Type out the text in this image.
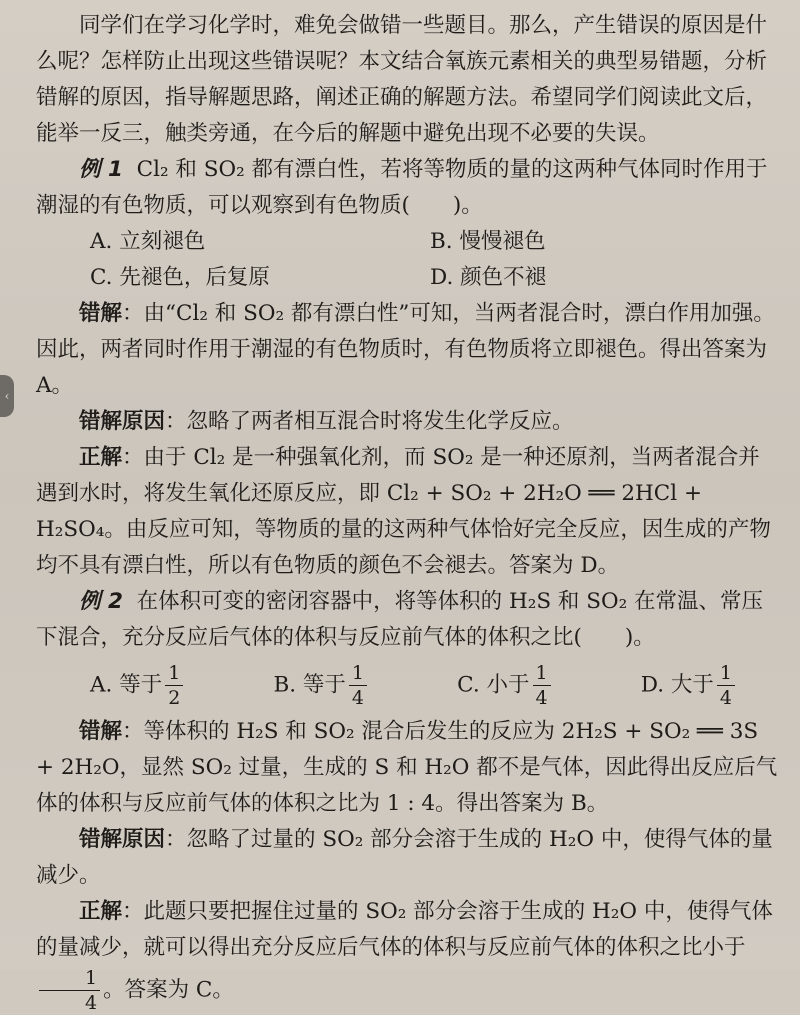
‹

同学们在学习化学时，难免会做错一些题目。那么，产生错误的原因是什么呢？怎样防止出现这些错误呢？本文结合氧族元素相关的典型易错题，分析错解的原因，指导解题思路，阐述正确的解题方法。希望同学们阅读此文后，能举一反三，触类旁通，在今后的解题中避免出现不必要的失误。

例 1 Cl₂ 和 SO₂ 都有漂白性，若将等物质的量的这两种气体同时作用于潮湿的有色物质，可以观察到有色物质(　　)。

A. 立刻褪色	B. 慢慢褪色
C. 先褪色，后复原	D. 颜色不褪

错解：由“Cl₂ 和 SO₂ 都有漂白性”可知，当两者混合时，漂白作用加强。因此，两者同时作用于潮湿的有色物质时，有色物质将立即褪色。得出答案为 A。

错解原因：忽略了两者相互混合时将发生化学反应。

正解：由于 Cl₂ 是一种强氧化剂，而 SO₂ 是一种还原剂，当两者混合并遇到水时，将发生氧化还原反应，即 Cl₂ + SO₂ + 2H₂O ══ 2HCl + H₂SO₄。由反应可知，等物质的量的这两种气体恰好完全反应，因生成的产物均不具有漂白性，所以有色物质的颜色不会褪去。答案为 D。

例 2 在体积可变的密闭容器中，将等体积的 H₂S 和 SO₂ 在常温、常压下混合，充分反应后气体的体积与反应前气体的体积之比(　　)。

A. 等于 $\frac{1}{2}$	B. 等于 $\frac{1}{4}$	C. 小于 $\frac{1}{4}$	D. 大于 $\frac{1}{4}$

错解：等体积的 H₂S 和 SO₂ 混合后发生的反应为 2H₂S + SO₂ ══ 3S + 2H₂O，显然 SO₂ 过量，生成的 S 和 H₂O 都不是气体，因此得出反应后气体的体积与反应前气体的体积之比为 1 : 4。得出答案为 B。

错解原因：忽略了过量的 SO₂ 部分会溶于生成的 H₂O 中，使得气体的量减少。

正解：此题只要把握住过量的 SO₂ 部分会溶于生成的 H₂O 中，使得气体的量减少，就可以得出充分反应后气体的体积与反应前气体的体积之比小于
$\frac{1}{4}$ 。答案为 C。
